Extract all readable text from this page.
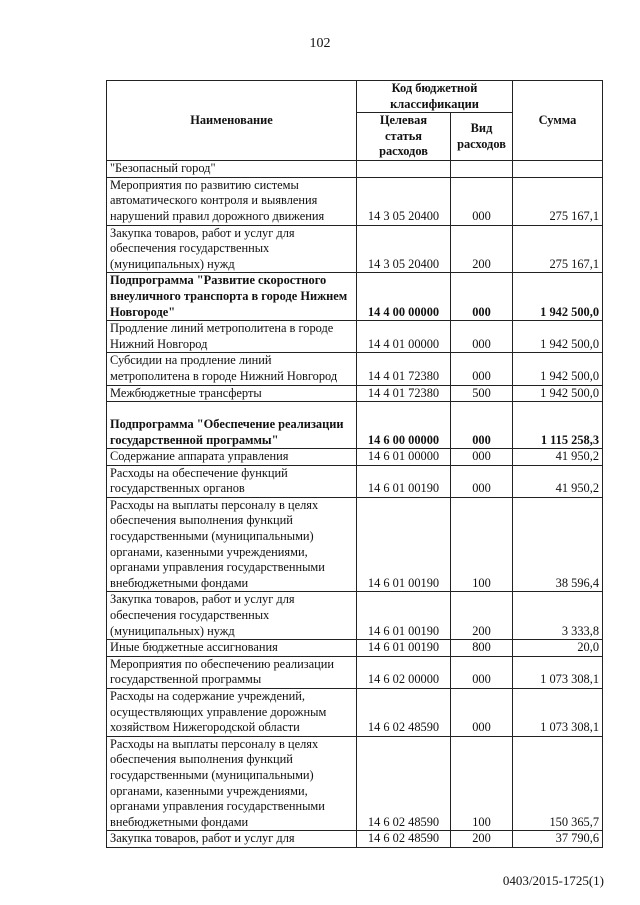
102
Наименование	Код бюджетной классификации		Сумма
	Целевая статья расходов	Вид расходов	
"Безопасный город"			
Мероприятия по развитию системы автоматического контроля и выявления нарушений правил дорожного движения	14 3 05 20400	000	275 167,1
Закупка товаров, работ и услуг для обеспечения государственных (муниципальных) нужд	14 3 05 20400	200	275 167,1
Подпрограмма "Развитие скоростного внеуличного транспорта в городе Нижнем Новгороде"	14 4 00 00000	000	1 942 500,0
Продление линий метрополитена в городе Нижний Новгород	14 4 01 00000	000	1 942 500,0
Субсидии на продление линий метрополитена в городе Нижний Новгород	14 4 01 72380	000	1 942 500,0
Межбюджетные трансферты	14 4 01 72380	500	1 942 500,0
Подпрограмма "Обеспечение реализации государственной программы"	14 6 00 00000	000	1 115 258,3
Содержание аппарата управления	14 6 01 00000	000	41 950,2
Расходы на обеспечение функций государственных органов	14 6 01 00190	000	41 950,2
Расходы на выплаты персоналу в целях обеспечения выполнения функций государственными (муниципальными) органами, казенными учреждениями, органами управления государственными внебюджетными фондами	14 6 01 00190	100	38 596,4
Закупка товаров, работ и услуг для обеспечения государственных (муниципальных) нужд	14 6 01 00190	200	3 333,8
Иные бюджетные ассигнования	14 6 01 00190	800	20,0
Мероприятия по обеспечению реализации государственной программы	14 6 02 00000	000	1 073 308,1
Расходы на содержание учреждений, осуществляющих управление дорожным хозяйством Нижегородской области	14 6 02 48590	000	1 073 308,1
Расходы на выплаты персоналу в целях обеспечения выполнения функций государственными (муниципальными) органами, казенными учреждениями, органами управления государственными внебюджетными фондами	14 6 02 48590	100	150 365,7
Закупка товаров, работ и услуг для	14 6 02 48590	200	37 790,6
0403/2015-1725(1)
